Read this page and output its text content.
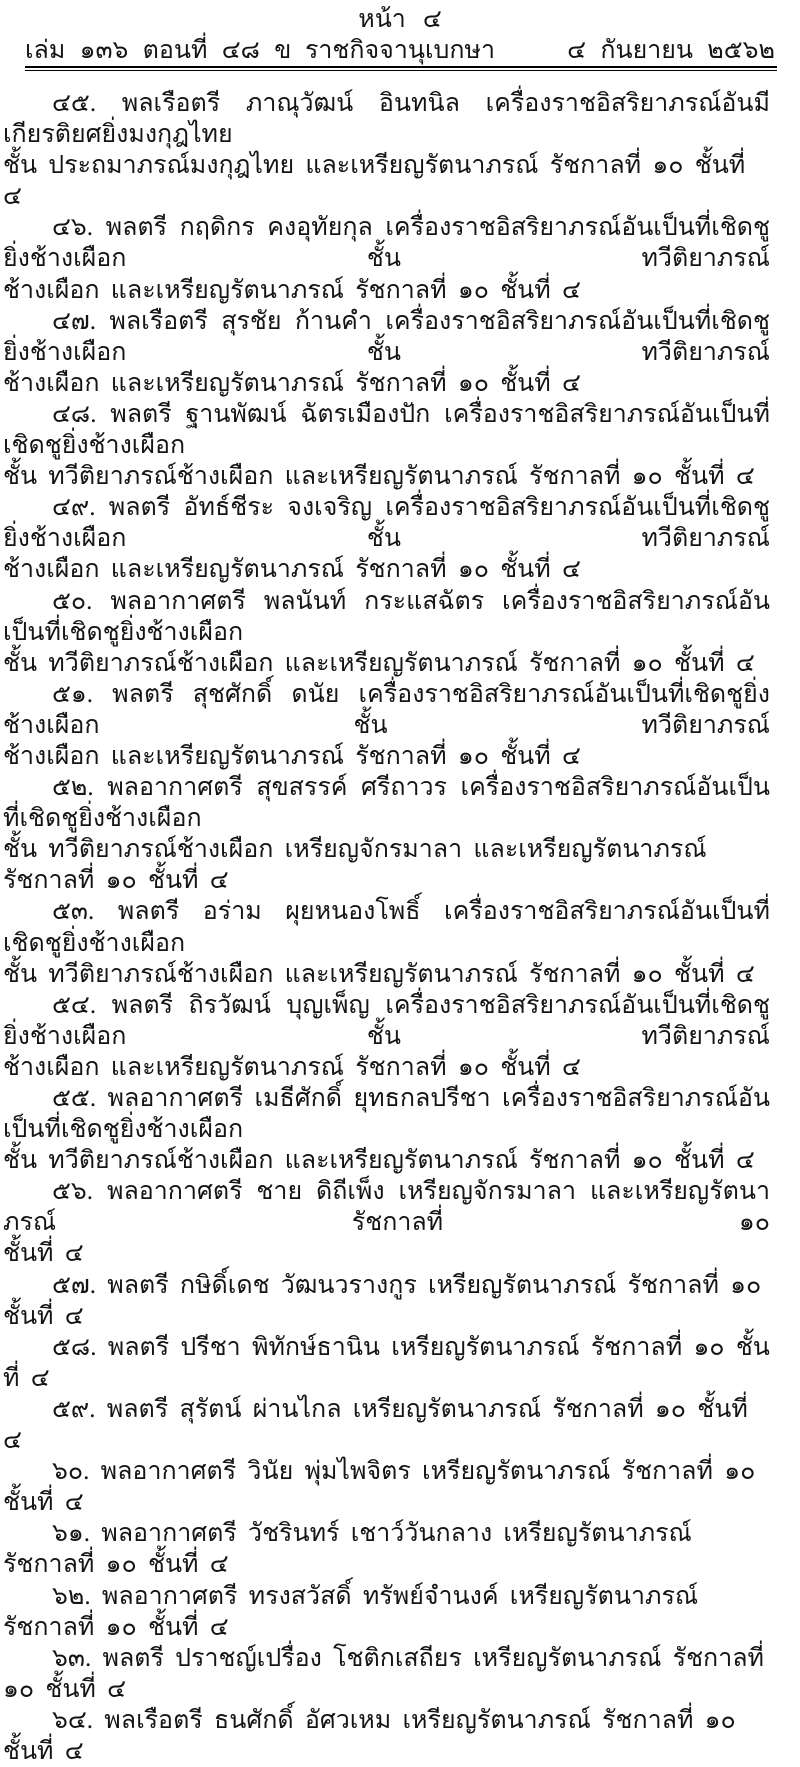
หน้า ๔
ราชกิจจานุเบกษา
เล่ม ๑๓๖ ตอนที่ ๔๘ ข	๔ กันยายน ๒๕๖๒
๔๕. พลเรือตรี ภาณุวัฒน์ อินทนิล เครื่องราชอิสริยาภรณ์อันมีเกียรติยศยิ่งมงกุฎไทย
ชั้น ประถมาภรณ์มงกุฎไทย และเหรียญรัตนาภรณ์ รัชกาลที่ ๑๐ ชั้นที่ ๔
๔๖. พลตรี กฤดิกร คงอุทัยกุล เครื่องราชอิสริยาภรณ์อันเป็นที่เชิดชูยิ่งช้างเผือก ชั้น ทวีติยาภรณ์
ช้างเผือก และเหรียญรัตนาภรณ์ รัชกาลที่ ๑๐ ชั้นที่ ๔
๔๗. พลเรือตรี สุรชัย ก้านคำ เครื่องราชอิสริยาภรณ์อันเป็นที่เชิดชูยิ่งช้างเผือก ชั้น ทวีติยาภรณ์
ช้างเผือก และเหรียญรัตนาภรณ์ รัชกาลที่ ๑๐ ชั้นที่ ๔
๔๘. พลตรี ฐานพัฒน์ ฉัตรเมืองปัก เครื่องราชอิสริยาภรณ์อันเป็นที่เชิดชูยิ่งช้างเผือก
ชั้น ทวีติยาภรณ์ช้างเผือก และเหรียญรัตนาภรณ์ รัชกาลที่ ๑๐ ชั้นที่ ๔
๔๙. พลตรี อัทธ์ชีระ จงเจริญ เครื่องราชอิสริยาภรณ์อันเป็นที่เชิดชูยิ่งช้างเผือก ชั้น ทวีติยาภรณ์
ช้างเผือก และเหรียญรัตนาภรณ์ รัชกาลที่ ๑๐ ชั้นที่ ๔
๕๐. พลอากาศตรี พลนันท์ กระแสฉัตร เครื่องราชอิสริยาภรณ์อันเป็นที่เชิดชูยิ่งช้างเผือก
ชั้น ทวีติยาภรณ์ช้างเผือก และเหรียญรัตนาภรณ์ รัชกาลที่ ๑๐ ชั้นที่ ๔
๕๑. พลตรี สุชศักดิ์ ดนัย เครื่องราชอิสริยาภรณ์อันเป็นที่เชิดชูยิ่งช้างเผือก ชั้น ทวีติยาภรณ์
ช้างเผือก และเหรียญรัตนาภรณ์ รัชกาลที่ ๑๐ ชั้นที่ ๔
๕๒. พลอากาศตรี สุขสรรค์ ศรีถาวร เครื่องราชอิสริยาภรณ์อันเป็นที่เชิดชูยิ่งช้างเผือก
ชั้น ทวีติยาภรณ์ช้างเผือก เหรียญจักรมาลา และเหรียญรัตนาภรณ์ รัชกาลที่ ๑๐ ชั้นที่ ๔
๕๓. พลตรี อร่าม ผุยหนองโพธิ์ เครื่องราชอิสริยาภรณ์อันเป็นที่เชิดชูยิ่งช้างเผือก
ชั้น ทวีติยาภรณ์ช้างเผือก และเหรียญรัตนาภรณ์ รัชกาลที่ ๑๐ ชั้นที่ ๔
๕๔. พลตรี ถิรวัฒน์ บุญเพ็ญ เครื่องราชอิสริยาภรณ์อันเป็นที่เชิดชูยิ่งช้างเผือก ชั้น ทวีติยาภรณ์
ช้างเผือก และเหรียญรัตนาภรณ์ รัชกาลที่ ๑๐ ชั้นที่ ๔
๕๕. พลอากาศตรี เมธีศักดิ์ ยุทธกลปรีชา เครื่องราชอิสริยาภรณ์อันเป็นที่เชิดชูยิ่งช้างเผือก
ชั้น ทวีติยาภรณ์ช้างเผือก และเหรียญรัตนาภรณ์ รัชกาลที่ ๑๐ ชั้นที่ ๔
๕๖. พลอากาศตรี ชาย ดิถีเพ็ง เหรียญจักรมาลา และเหรียญรัตนาภรณ์ รัชกาลที่ ๑๐
ชั้นที่ ๔
๕๗. พลตรี กษิดิ์เดช วัฒนวรางกูร เหรียญรัตนาภรณ์ รัชกาลที่ ๑๐ ชั้นที่ ๔
๕๘. พลตรี ปรีชา พิทักษ์ธานิน เหรียญรัตนาภรณ์ รัชกาลที่ ๑๐ ชั้นที่ ๔
๕๙. พลตรี สุรัตน์ ผ่านไกล เหรียญรัตนาภรณ์ รัชกาลที่ ๑๐ ชั้นที่ ๔
๖๐. พลอากาศตรี วินัย พุ่มไพจิตร เหรียญรัตนาภรณ์ รัชกาลที่ ๑๐ ชั้นที่ ๔
๖๑. พลอากาศตรี วัชรินทร์ เชาว์วันกลาง เหรียญรัตนาภรณ์ รัชกาลที่ ๑๐ ชั้นที่ ๔
๖๒. พลอากาศตรี ทรงสวัสดิ์ ทรัพย์จำนงค์ เหรียญรัตนาภรณ์ รัชกาลที่ ๑๐ ชั้นที่ ๔
๖๓. พลตรี ปราชญ์เปรื่อง โชติกเสถียร เหรียญรัตนาภรณ์ รัชกาลที่ ๑๐ ชั้นที่ ๔
๖๔. พลเรือตรี ธนศักดิ์ อัศวเหม เหรียญรัตนาภรณ์ รัชกาลที่ ๑๐ ชั้นที่ ๔
